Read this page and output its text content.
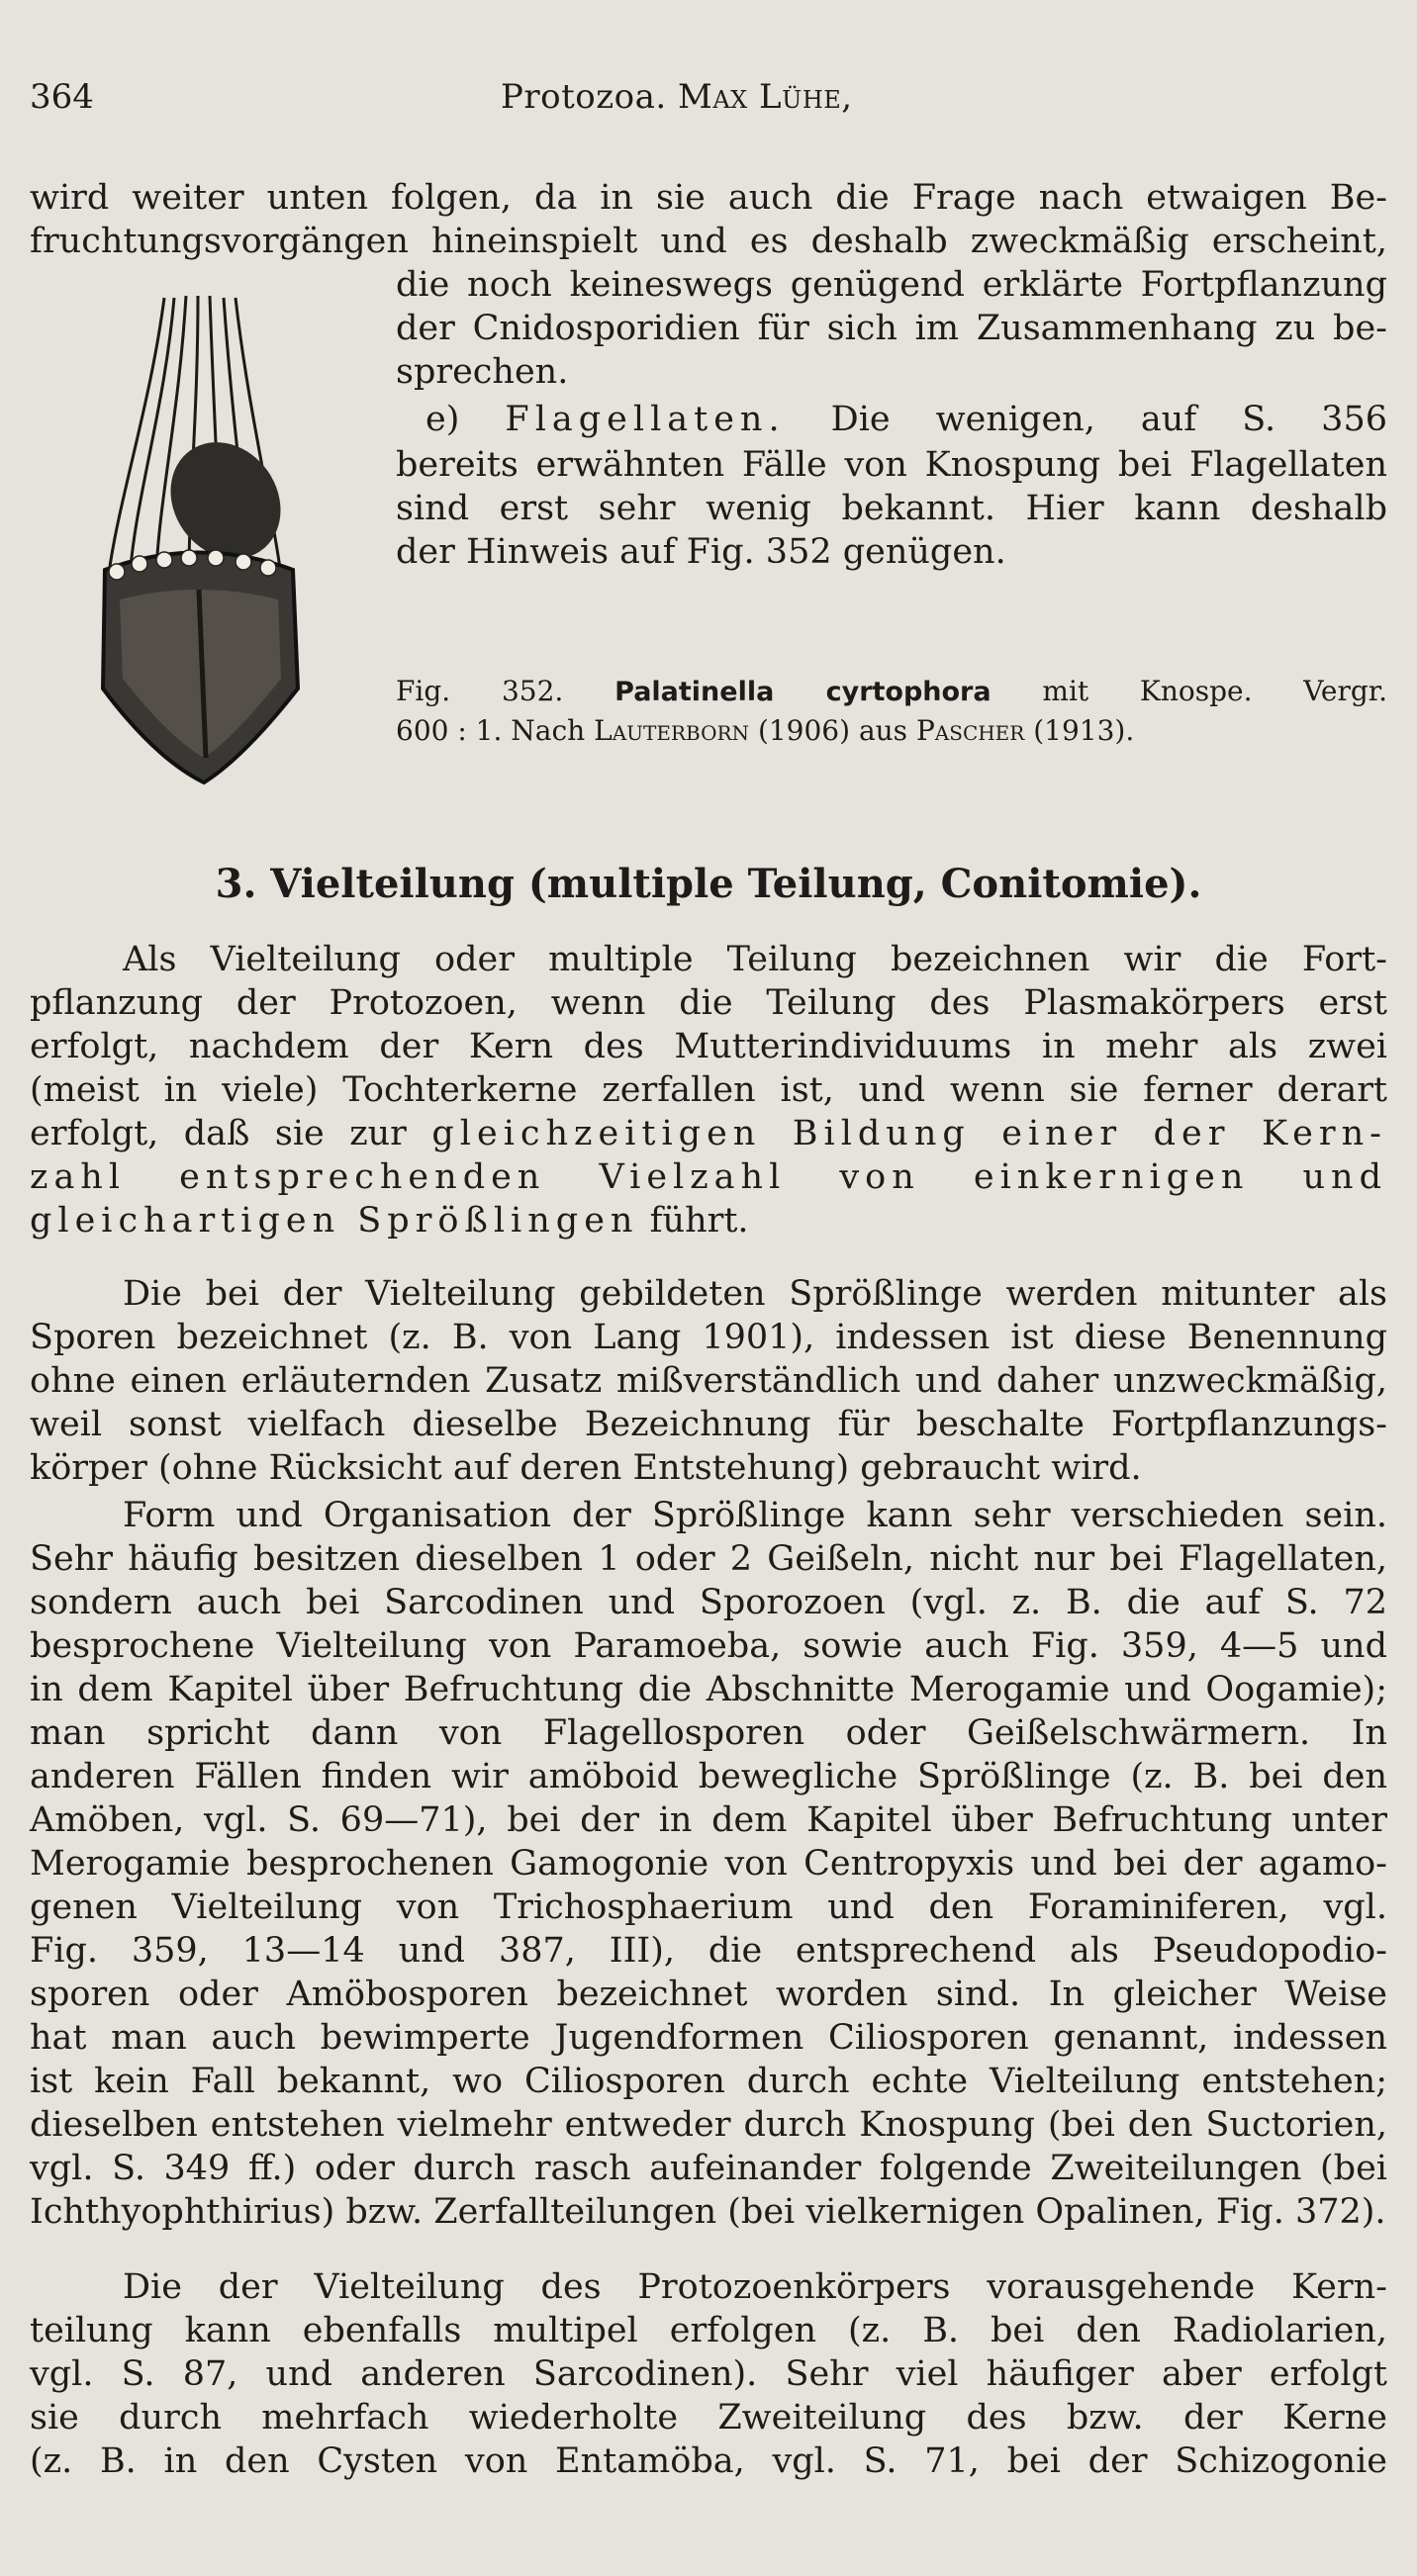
364	Protozoa. Max Lühe,
wird weiter unten folgen, da in sie auch die Frage nach etwaigen Be-
fruchtungsvorgängen hineinspielt und es deshalb zweckmäßig erscheint,
die noch keineswegs genügend erklärte Fortpflanzung
der Cnidosporidien für sich im Zusammenhang zu be-
sprechen.
e) Flagellaten. Die wenigen, auf S. 356
bereits erwähnten Fälle von Knospung bei Flagellaten
sind erst sehr wenig bekannt. Hier kann deshalb
der Hinweis auf Fig. 352 genügen.
Fig. 352. Palatinella cyrtophora mit Knospe. Vergr.
600 : 1. Nach Lauterborn (1906) aus Pascher (1913).
3. Vielteilung (multiple Teilung, Conitomie).
Als Vielteilung oder multiple Teilung bezeichnen wir die Fort-
pflanzung der Protozoen, wenn die Teilung des Plasmakörpers erst
erfolgt, nachdem der Kern des Mutterindividuums in mehr als zwei
(meist in viele) Tochterkerne zerfallen ist, und wenn sie ferner derart
erfolgt, daß sie zur gleichzeitigen Bildung einer der Kern-
zahl entsprechenden Vielzahl von einkernigen und
gleichartigen Sprößlingen führt.
Die bei der Vielteilung gebildeten Sprößlinge werden mitunter als
Sporen bezeichnet (z. B. von Lang 1901), indessen ist diese Benennung
ohne einen erläuternden Zusatz mißverständlich und daher unzweckmäßig,
weil sonst vielfach dieselbe Bezeichnung für beschalte Fortpflanzungs-
körper (ohne Rücksicht auf deren Entstehung) gebraucht wird.
Form und Organisation der Sprößlinge kann sehr verschieden sein.
Sehr häufig besitzen dieselben 1 oder 2 Geißeln, nicht nur bei Flagellaten,
sondern auch bei Sarcodinen und Sporozoen (vgl. z. B. die auf S. 72
besprochene Vielteilung von Paramoeba, sowie auch Fig. 359, 4—5 und
in dem Kapitel über Befruchtung die Abschnitte Merogamie und Oogamie);
man spricht dann von Flagellosporen oder Geißelschwärmern. In
anderen Fällen finden wir amöboid bewegliche Sprößlinge (z. B. bei den
Amöben, vgl. S. 69—71), bei der in dem Kapitel über Befruchtung unter
Merogamie besprochenen Gamogonie von Centropyxis und bei der agamo-
genen Vielteilung von Trichosphaerium und den Foraminiferen, vgl.
Fig. 359, 13—14 und 387, III), die entsprechend als Pseudopodio-
sporen oder Amöbosporen bezeichnet worden sind. In gleicher Weise
hat man auch bewimperte Jugendformen Ciliosporen genannt, indessen
ist kein Fall bekannt, wo Ciliosporen durch echte Vielteilung entstehen;
dieselben entstehen vielmehr entweder durch Knospung (bei den Suctorien,
vgl. S. 349 ff.) oder durch rasch aufeinander folgende Zweiteilungen (bei
Ichthyophthirius) bzw. Zerfallteilungen (bei vielkernigen Opalinen, Fig. 372).
Die der Vielteilung des Protozoenkörpers vorausgehende Kern-
teilung kann ebenfalls multipel erfolgen (z. B. bei den Radiolarien,
vgl. S. 87, und anderen Sarcodinen). Sehr viel häufiger aber erfolgt
sie durch mehrfach wiederholte Zweiteilung des bzw. der Kerne
(z. B. in den Cysten von Entamöba, vgl. S. 71, bei der Schizogonie
